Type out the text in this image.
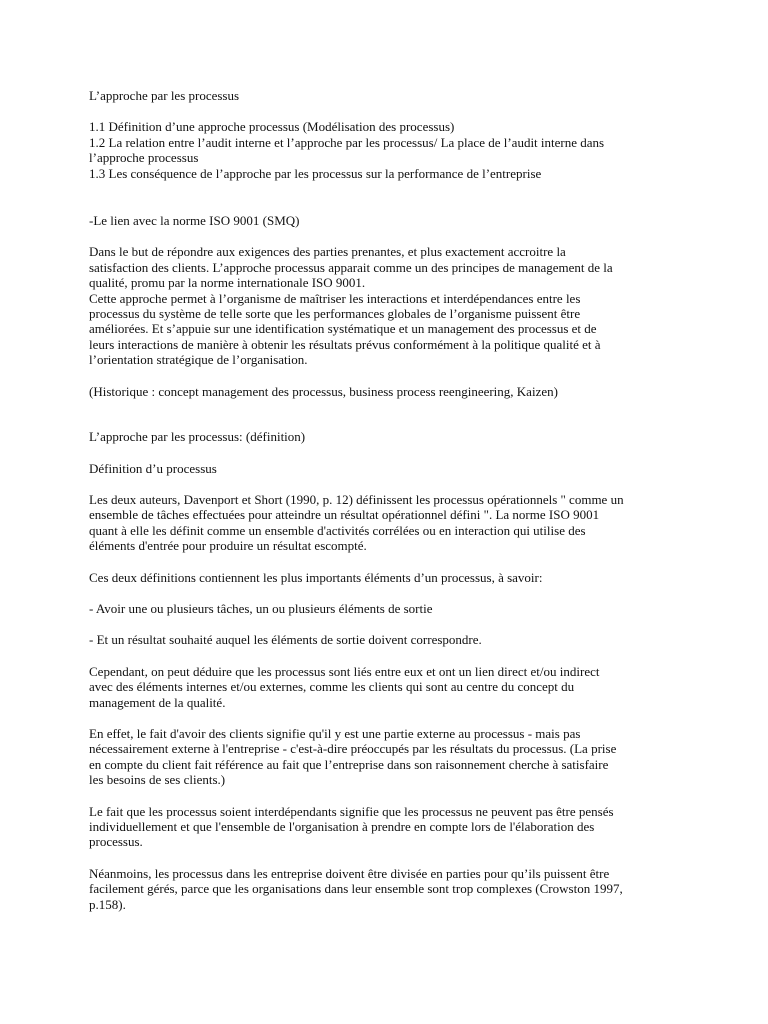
L’approche par les processus

1.1 Définition d’une approche processus (Modélisation des processus)
1.2 La relation entre l’audit interne et l’approche par les processus/ La place de l’audit interne dans
l’approche processus
1.3 Les conséquence de l’approche par les processus sur la performance de l’entreprise

-Le lien avec la norme ISO 9001 (SMQ)

Dans le but de répondre aux exigences des parties prenantes, et plus exactement accroitre la
satisfaction des clients. L’approche processus apparait comme un des principes de management de la
qualité, promu par la norme internationale ISO 9001.
Cette approche permet à l’organisme de maîtriser les interactions et interdépendances entre les
processus du système de telle sorte que les performances globales de l’organisme puissent être
améliorées. Et s’appuie sur une identification systématique et un management des processus et de
leurs interactions de manière à obtenir les résultats prévus conformément à la politique qualité et à
l’orientation stratégique de l’organisation.

(Historique : concept management des processus, business process reengineering, Kaizen)

L’approche par les processus: (définition)

Définition d’u processus

Les deux auteurs, Davenport et Short (1990, p. 12) définissent les processus opérationnels " comme un
ensemble de tâches effectuées pour atteindre un résultat opérationnel défini ". La norme ISO 9001
quant à elle les définit comme un ensemble d'activités corrélées ou en interaction qui utilise des
éléments d'entrée pour produire un résultat escompté.

Ces deux définitions contiennent les plus importants éléments d’un processus, à savoir:

- Avoir une ou plusieurs tâches, un ou plusieurs éléments de sortie

- Et un résultat souhaité auquel les éléments de sortie doivent correspondre.

Cependant, on peut déduire que les processus sont liés entre eux et ont un lien direct et/ou indirect
avec des éléments internes et/ou externes, comme les clients qui sont au centre du concept du
management de la qualité.

En effet, le fait d'avoir des clients signifie qu'il y est une partie externe au processus - mais pas
nécessairement externe à l'entreprise - c'est-à-dire préoccupés par les résultats du processus. (La prise
en compte du client fait référence au fait que l’entreprise dans son raisonnement cherche à satisfaire
les besoins de ses clients.)

Le fait que les processus soient interdépendants signifie que les processus ne peuvent pas être pensés
individuellement et que l'ensemble de l'organisation à prendre en compte lors de l'élaboration des
processus.

Néanmoins, les processus dans les entreprise doivent être divisée en parties pour qu’ils puissent être
facilement gérés, parce que les organisations dans leur ensemble sont trop complexes (Crowston 1997,
p.158).
